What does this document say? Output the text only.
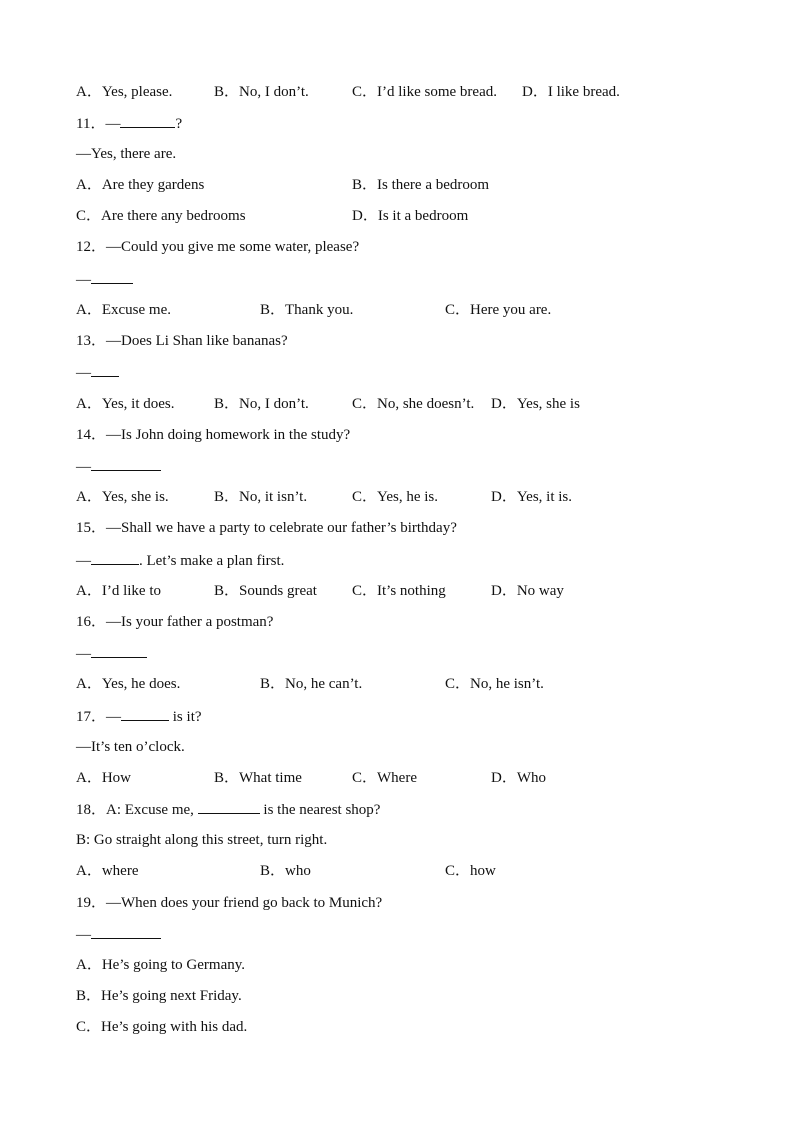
A．Yes, please.	B．No, I don’t.	C．I’d like some bread. D．I like bread.
11．—	?
—Yes, there are.
A．Are they gardens	B．Is there a bedroom
C．Are there any bedrooms	D．Is it a bedroom
12．—Could you give me some water, please?
—
A．Excuse me.	B．Thank you.	C．Here you are.
13．—Does Li Shan like bananas?
—
A．Yes, it does.	B．No, I don’t.	C．No, she doesn’t. D．Yes, she is
14．—Is John doing homework in the study?
—
A．Yes, she is.	B．No, it isn’t.	C．Yes, he is.	D．Yes, it is.
15．—Shall we have a party to celebrate our father’s birthday?
—	. Let’s make a plan first.
A．I’d like to	B．Sounds great C．It’s nothing	D．No way
16．—Is your father a postman?
—
A．Yes, he does.	B．No, he can’t.	C．No, he isn’t.
17．—	is it?
—It’s ten o’clock.
A．How	B．What time	C．Where	D．Who
18．A: Excuse me,	is the nearest shop?
B: Go straight along this street, turn right.
A．where	B．who	C．how
19．—When does your friend go back to Munich?
—
A．He’s going to Germany.
B．He’s going next Friday.
C．He’s going with his dad.
